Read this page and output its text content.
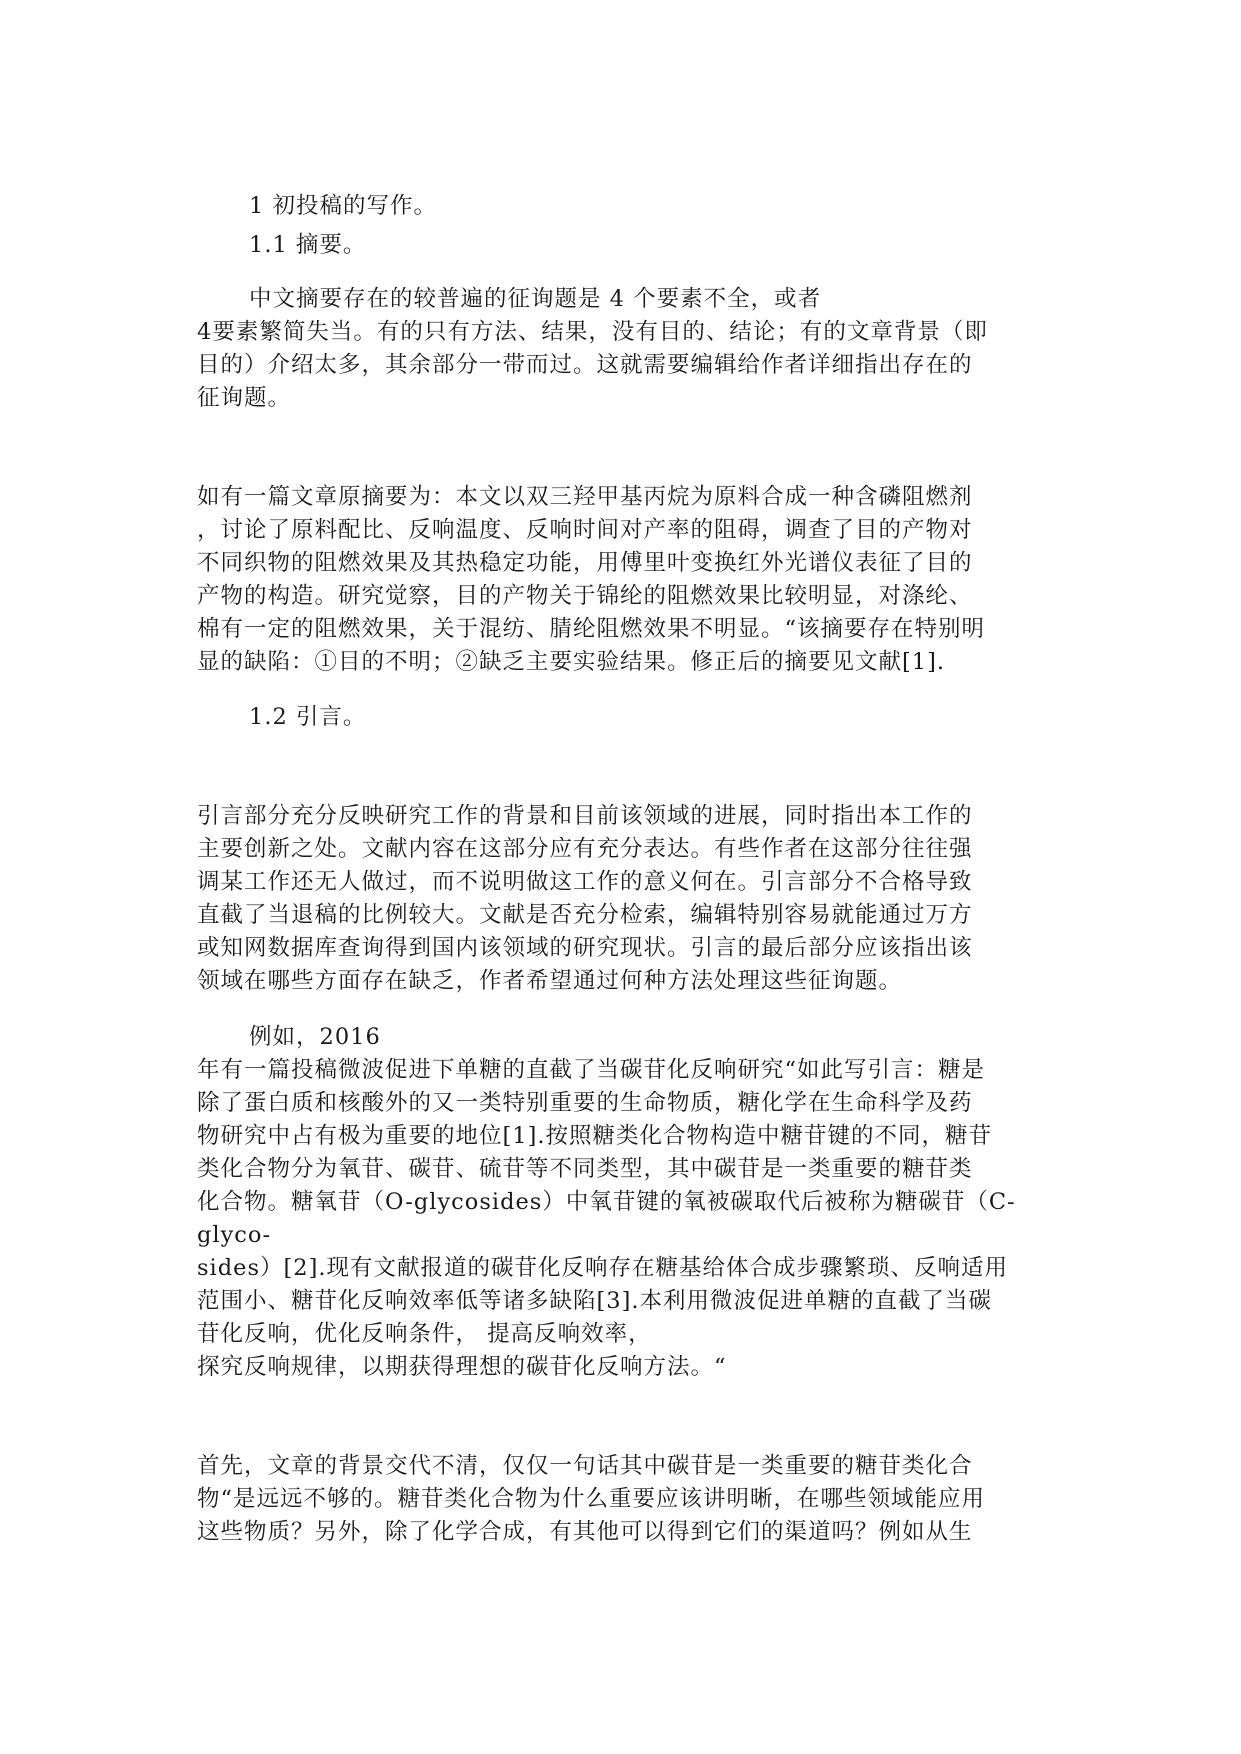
1 初投稿的写作。
1.1 摘要。
中文摘要存在的较普遍的征询题是 4 个要素不全，或者
4要素繁简失当。有的只有方法、结果，没有目的、结论；有的文章背景（即
目的）介绍太多，其余部分一带而过。这就需要编辑给作者详细指出存在的
征询题。
如有一篇文章原摘要为：本文以双三羟甲基丙烷为原料合成一种含磷阻燃剂
，讨论了原料配比、反响温度、反响时间对产率的阻碍，调查了目的产物对
不同织物的阻燃效果及其热稳定功能，用傅里叶变换红外光谱仪表征了目的
产物的构造。研究觉察，目的产物关于锦纶的阻燃效果比较明显，对涤纶、
棉有一定的阻燃效果，关于混纺、腈纶阻燃效果不明显。“该摘要存在特别明
显的缺陷：①目的不明；②缺乏主要实验结果。修正后的摘要见文献[1].
1.2 引言。
引言部分充分反映研究工作的背景和目前该领域的进展，同时指出本工作的
主要创新之处。文献内容在这部分应有充分表达。有些作者在这部分往往强
调某工作还无人做过，而不说明做这工作的意义何在。引言部分不合格导致
直截了当退稿的比例较大。文献是否充分检索，编辑特别容易就能通过万方
或知网数据库查询得到国内该领域的研究现状。引言的最后部分应该指出该
领域在哪些方面存在缺乏，作者希望通过何种方法处理这些征询题。
例如，2016
年有一篇投稿微波促进下单糖的直截了当碳苷化反响研究“如此写引言：糖是
除了蛋白质和核酸外的又一类特别重要的生命物质，糖化学在生命科学及药
物研究中占有极为重要的地位[1].按照糖类化合物构造中糖苷键的不同，糖苷
类化合物分为氧苷、碳苷、硫苷等不同类型，其中碳苷是一类重要的糖苷类
化合物。糖氧苷（O-glycosides）中氧苷键的氧被碳取代后被称为糖碳苷（C-
glyco-
sides）[2].现有文献报道的碳苷化反响存在糖基给体合成步骤繁琐、反响适用
范围小、糖苷化反响效率低等诸多缺陷[3].本利用微波促进单糖的直截了当碳
苷化反响，优化反响条件， 提高反响效率，
探究反响规律，以期获得理想的碳苷化反响方法。“
首先，文章的背景交代不清，仅仅一句话其中碳苷是一类重要的糖苷类化合
物“是远远不够的。糖苷类化合物为什么重要应该讲明晰，在哪些领域能应用
这些物质？另外，除了化学合成，有其他可以得到它们的渠道吗？例如从生
